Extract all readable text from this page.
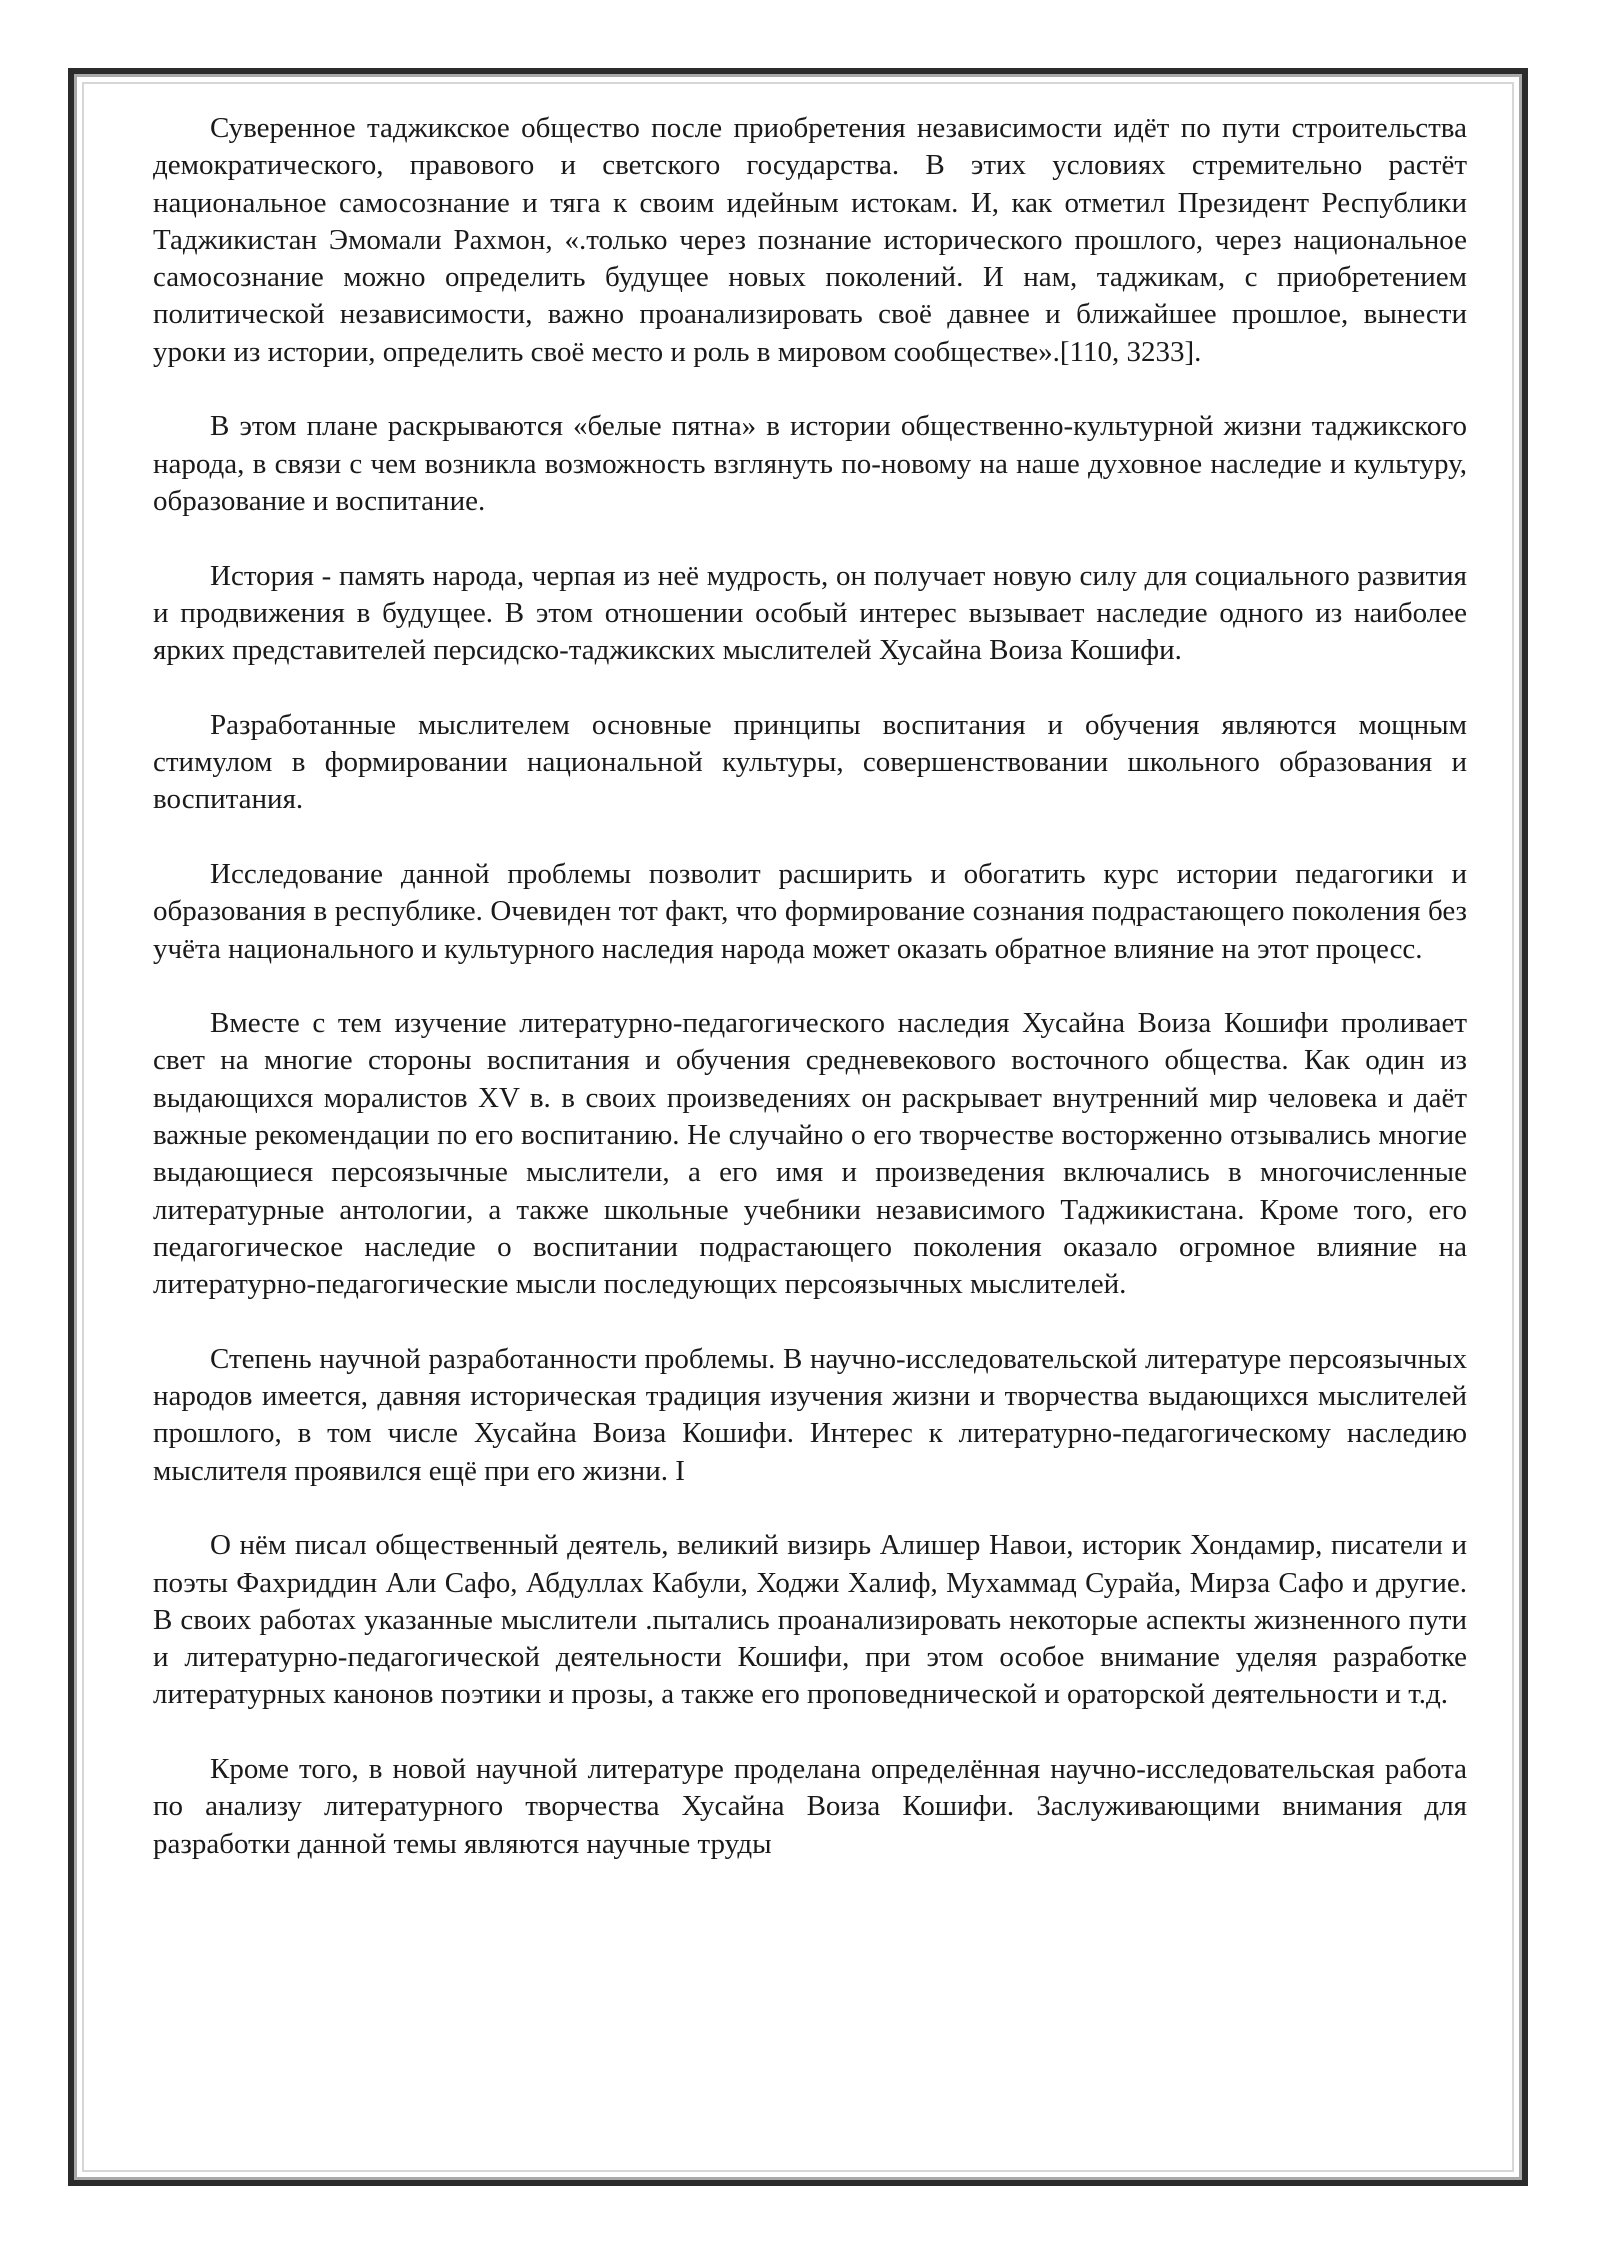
Суверенное таджикское общество после приобретения независимости идёт по пути строительства демократического, правового и светского государства. В этих условиях стремительно растёт национальное самосознание и тяга к своим идейным истокам. И, как отметил Президент Республики Таджикистан Эмомали Рахмон, «.только через познание исторического прошлого, через национальное самосознание можно определить будущее новых поколений. И нам, таджикам, с приобретением политической независимости, важно проанализировать своё давнее и ближайшее прошлое, вынести уроки из истории, определить своё место и роль в мировом сообществе».[110, 3233].

В этом плане раскрываются «белые пятна» в истории общественно-культурной жизни таджикского народа, в связи с чем возникла возможность взглянуть по-новому на наше духовное наследие и культуру, образование и воспитание.

История - память народа, черпая из неё мудрость, он получает новую силу для социального развития и продвижения в будущее. В этом отношении особый интерес вызывает наследие одного из наиболее ярких представителей персидско-таджикских мыслителей Хусайна Воиза Кошифи.

Разработанные мыслителем основные принципы воспитания и обучения являются мощным стимулом в формировании национальной культуры, совершенствовании школьного образования и воспитания.

Исследование данной проблемы позволит расширить и обогатить курс истории педагогики и образования в республике. Очевиден тот факт, что формирование сознания подрастающего поколения без учёта национального и культурного наследия народа может оказать обратное влияние на этот процесс.

Вместе с тем изучение литературно-педагогического наследия Хусайна Воиза Кошифи проливает свет на многие стороны воспитания и обучения средневекового восточного общества. Как один из выдающихся моралистов XV в. в своих произведениях он раскрывает внутренний мир человека и даёт важные рекомендации по его воспитанию. Не случайно о его творчестве восторженно отзывались многие выдающиеся персоязычные мыслители, а его имя и произведения включались в многочисленные литературные антологии, а также школьные учебники независимого Таджикистана. Кроме того, его педагогическое наследие о воспитании подрастающего поколения оказало огромное влияние на литературно-педагогические мысли последующих персоязычных мыслителей.

Степень научной разработанности проблемы. В научно-исследовательской литературе персоязычных народов имеется, давняя историческая традиция изучения жизни и творчества выдающихся мыслителей прошлого, в том числе Хусайна Воиза Кошифи. Интерес к литературно-педагогическому наследию мыслителя проявился ещё при его жизни. I

О нём писал общественный деятель, великий визирь Алишер Навои, историк Хондамир, писатели и поэты Фахриддин Али Сафо, Абдуллах Кабули, Ходжи Халиф, Мухаммад Сурайа, Мирза Сафо и другие. В своих работах указанные мыслители .пытались проанализировать некоторые аспекты жизненного пути и литературно-педагогической деятельности Кошифи, при этом особое внимание уделяя разработке литературных канонов поэтики и прозы, а также его проповеднической и ораторской деятельности и т.д.

Кроме того, в новой научной литературе проделана определённая научно-исследовательская работа по анализу литературного творчества Хусайна Воиза Кошифи. Заслуживающими внимания для разработки данной темы являются научные труды
